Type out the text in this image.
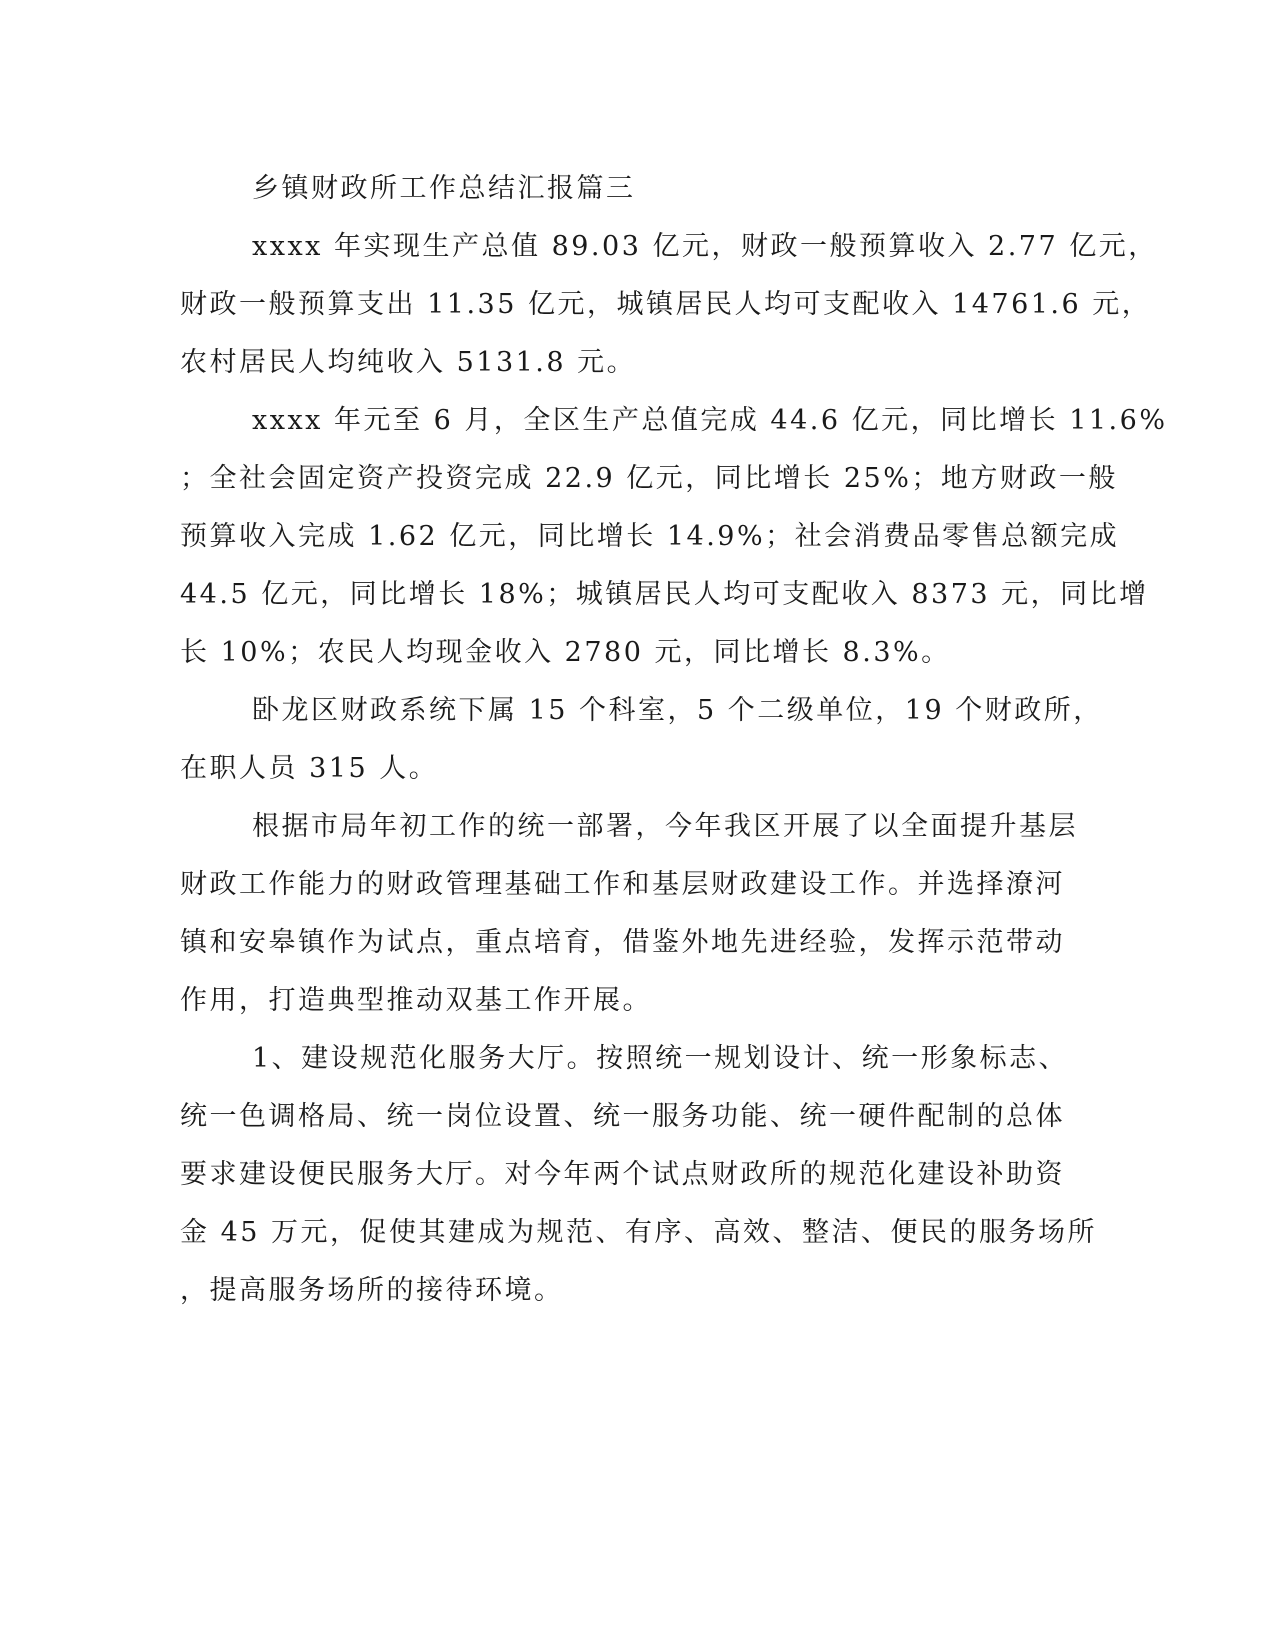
乡镇财政所工作总结汇报篇三
xxxx 年实现生产总值 89.03 亿元，财政一般预算收入 2.77 亿元，
财政一般预算支出 11.35 亿元，城镇居民人均可支配收入 14761.6 元，
农村居民人均纯收入 5131.8 元。
xxxx 年元至 6 月，全区生产总值完成 44.6 亿元，同比增长 11.6%
；全社会固定资产投资完成 22.9 亿元，同比增长 25%；地方财政一般
预算收入完成 1.62 亿元，同比增长 14.9%；社会消费品零售总额完成
44.5 亿元，同比增长 18%；城镇居民人均可支配收入 8373 元，同比增
长 10%；农民人均现金收入 2780 元，同比增长 8.3%。
卧龙区财政系统下属 15 个科室，5 个二级单位，19 个财政所，
在职人员 315 人。
根据市局年初工作的统一部署，今年我区开展了以全面提升基层
财政工作能力的财政管理基础工作和基层财政建设工作。并选择潦河
镇和安皋镇作为试点，重点培育，借鉴外地先进经验，发挥示范带动
作用，打造典型推动双基工作开展。
1、建设规范化服务大厅。按照统一规划设计、统一形象标志、
统一色调格局、统一岗位设置、统一服务功能、统一硬件配制的总体
要求建设便民服务大厅。对今年两个试点财政所的规范化建设补助资
金 45 万元，促使其建成为规范、有序、高效、整洁、便民的服务场所
，提高服务场所的接待环境。
